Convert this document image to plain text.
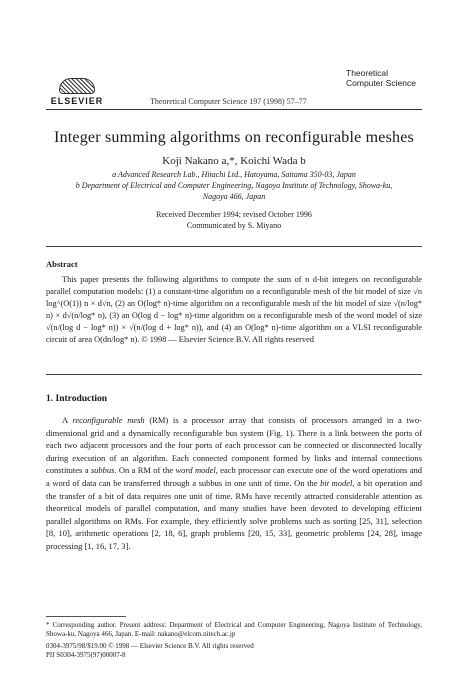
ELSEVIER	Theoretical Computer Science 197 (1998) 57–77
Theoretical
Computer Science
Integer summing algorithms on reconfigurable meshes
Koji Nakano a,*, Koichi Wada b
a Advanced Research Lab., Hitachi Ltd., Hatoyama, Saitama 350-03, Japan
b Department of Electrical and Computer Engineering, Nagoya Institute of Technology, Showa-ku,
Nagoya 466, Japan
Received December 1994; revised October 1996
Communicated by S. Miyano
Abstract

This paper presents the following algorithms to compute the sum of n d-bit integers on reconfigurable parallel computation models: (1) a constant-time algorithm on a reconfigurable mesh of the bit model of size √n log^(O(1)) n × d√n, (2) an O(log* n)-time algorithm on a reconfigurable mesh of the bit model of size √(n/log* n) × d√(n/log* n), (3) an O(log d − log* n)-time algorithm on a reconfigurable mesh of the word model of size √(n/(log d − log* n)) × √(n/(log d + log* n)), and (4) an O(log* n)-time algorithm on a VLSI reconfigurable circuit of area O(dn/log* n). © 1998 — Elsevier Science B.V. All rights reserved

1. Introduction

A reconfigurable mesh (RM) is a processor array that consists of processors arranged in a two-dimensional grid and a dynamically reconfigurable bus system (Fig. 1). There is a link between the ports of each two adjacent processors and the four ports of each processor can be connected or disconnected locally during execution of an algorithm. Each connected component formed by links and internal connections constitutes a subbus. On a RM of the word model, each processor can execute one of the word operations and a word of data can be transferred through a subbus in one unit of time. On the bit model, a bit operation and the transfer of a bit of data requires one unit of time. RMs have recently attracted considerable attention as theoretical models of parallel computation, and many studies have been devoted to developing efficient parallel algorithms on RMs. For example, they efficiently solve problems such as sorting [25, 31], selection [8, 10], arithmetic operations [2, 18, 6], graph problems [20, 15, 33], geometric problems [24, 28], image processing [1, 16, 17, 3].

* Corresponding author. Present address: Department of Electrical and Computer Engineering, Nagoya Institute of Technology, Showa-ku, Nagoya 466, Japan. E-mail: nakano@elcom.nitech.ac.jp
0304-3975/98/$19.00 © 1998 — Elsevier Science B.V. All rights reserved
PII S0304-3975(97)00007-8
